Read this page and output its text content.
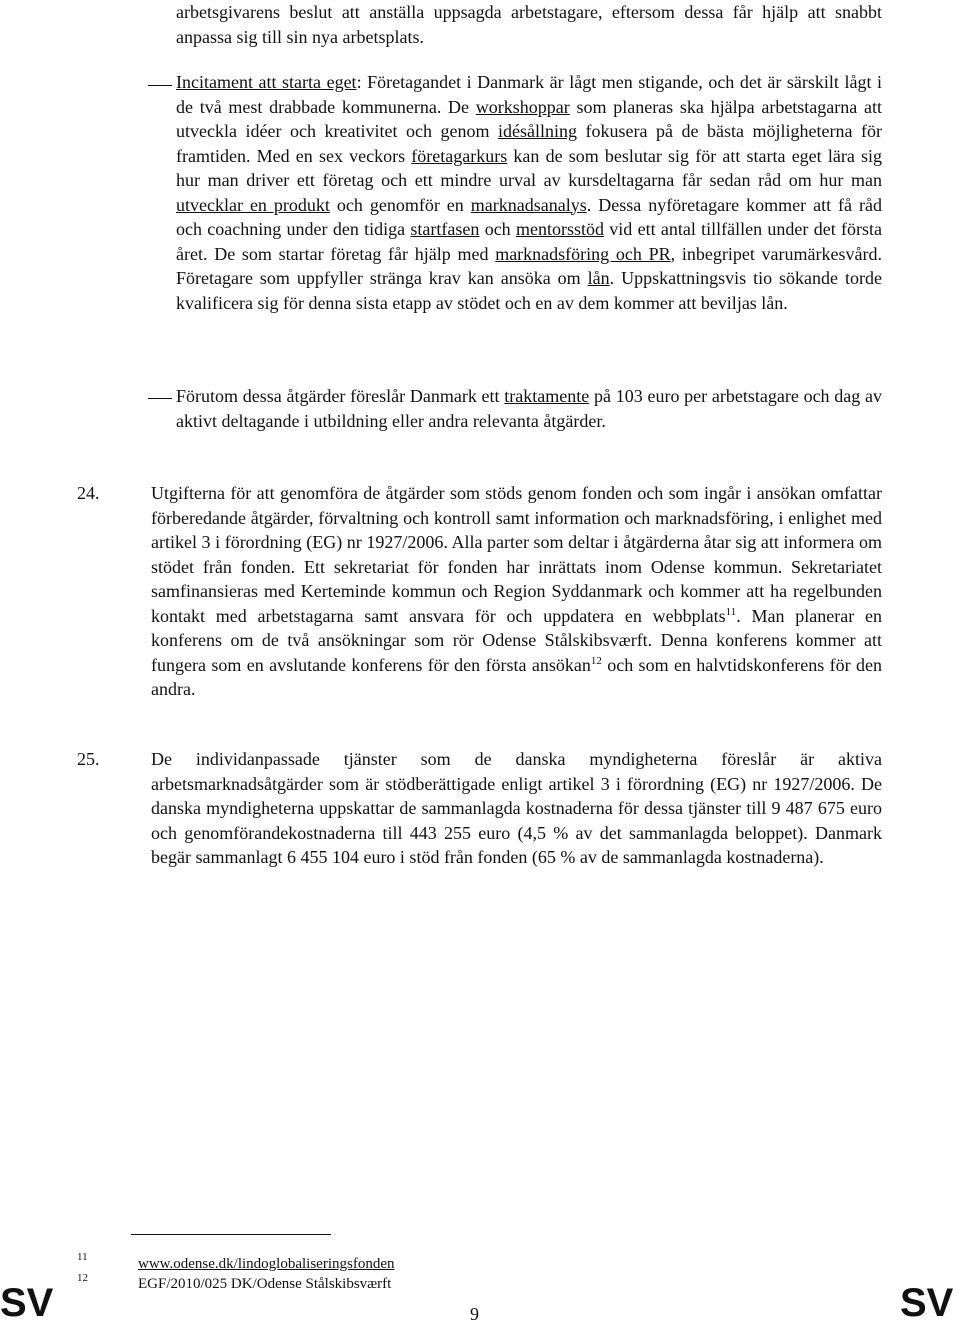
arbetsgivarens beslut att anställa uppsagda arbetstagare, eftersom dessa får hjälp att snabbt anpassa sig till sin nya arbetsplats.

Incitament att starta eget: Företagandet i Danmark är lågt men stigande, och det är särskilt lågt i de två mest drabbade kommunerna. De workshoppar som planeras ska hjälpa arbetstagarna att utveckla idéer och kreativitet och genom idésållning fokusera på de bästa möjligheterna för framtiden. Med en sex veckors företagarkurs kan de som beslutar sig för att starta eget lära sig hur man driver ett företag och ett mindre urval av kursdeltagarna får sedan råd om hur man utvecklar en produkt och genomför en marknadsanalys. Dessa nyföretagare kommer att få råd och coachning under den tidiga startfasen och mentorsstöd vid ett antal tillfällen under det första året. De som startar företag får hjälp med marknadsföring och PR, inbegripet varumärkesvård. Företagare som uppfyller stränga krav kan ansöka om lån. Uppskattningsvis tio sökande torde kvalificera sig för denna sista etapp av stödet och en av dem kommer att beviljas lån.

Förutom dessa åtgärder föreslår Danmark ett traktamente på 103 euro per arbetstagare och dag av aktivt deltagande i utbildning eller andra relevanta åtgärder.

24.	Utgifterna för att genomföra de åtgärder som stöds genom fonden och som ingår i ansökan omfattar förberedande åtgärder, förvaltning och kontroll samt information och marknadsföring, i enlighet med artikel 3 i förordning (EG) nr 1927/2006. Alla parter som deltar i åtgärderna åtar sig att informera om stödet från fonden. Ett sekretariat för fonden har inrättats inom Odense kommun. Sekretariatet samfinansieras med Kerteminde kommun och Region Syddanmark och kommer att ha regelbunden kontakt med arbetstagarna samt ansvara för och uppdatera en webbplats$^{11}$. Man planerar en konferens om de två ansökningar som rör Odense Stålskibsværft. Denna konferens kommer att fungera som en avslutande konferens för den första ansökan$^{12}$ och som en halvtidskonferens för den andra.

25.	De individanpassade tjänster som de danska myndigheterna föreslår är aktiva arbetsmarknadsåtgärder som är stödberättigade enligt artikel 3 i förordning (EG) nr 1927/2006. De danska myndigheterna uppskattar de sammanlagda kostnaderna för dessa tjänster till 9 487 675 euro och genomförandekostnaderna till 443 255 euro (4,5 % av det sammanlagda beloppet). Danmark begär sammanlagt 6 455 104 euro i stöd från fonden (65 % av de sammanlagda kostnaderna).

11	www.odense.dk/lindoglobaliseringsfonden
12	EGF/2010/025 DK/Odense Stålskibsværft
SV	9	SV
